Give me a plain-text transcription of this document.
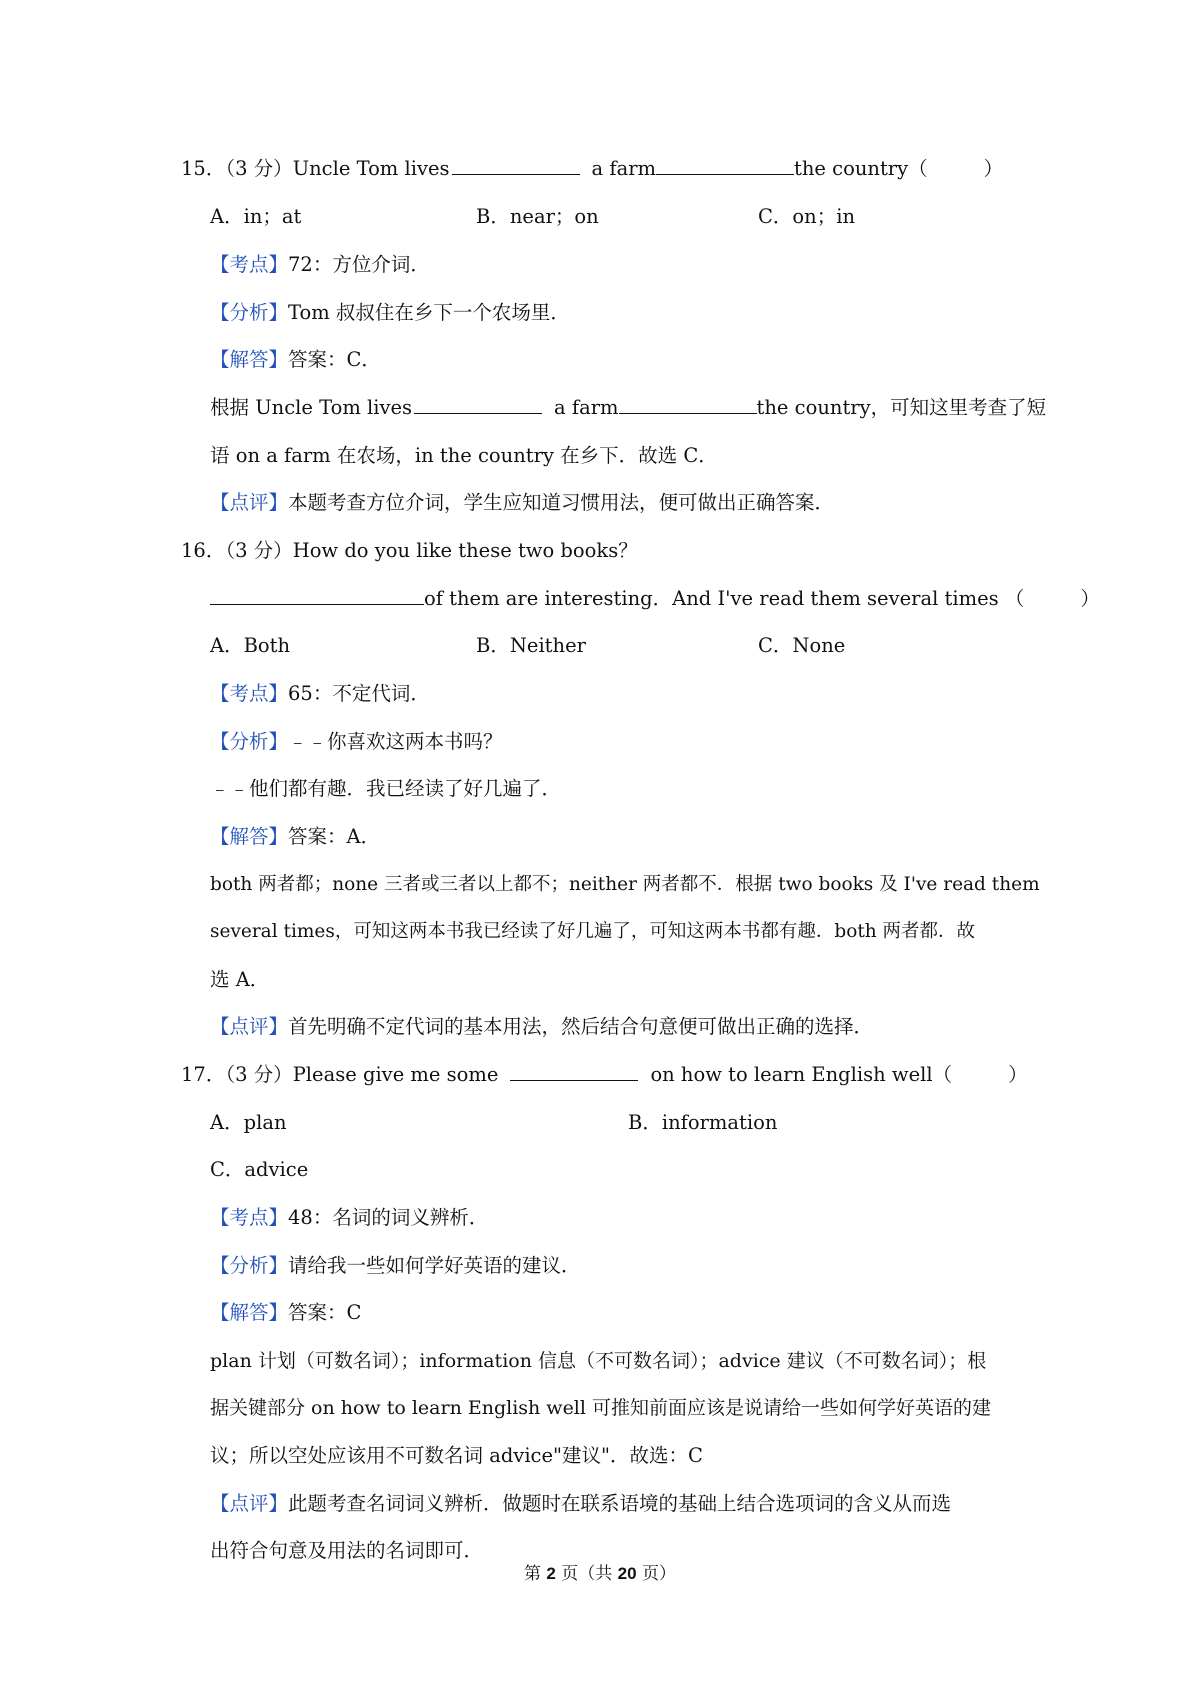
15．（3 分）Uncle Tom lives	a farm	the country（	）
A．in；at	B．near；on	C．on；in
【考点】72：方位介词．
【分析】Tom 叔叔住在乡下一个农场里．
【解答】答案：C．
根据 Uncle Tom lives	a farm	the country，可知这里考查了短
语 on a farm 在农场，in the country 在乡下．故选 C．
【点评】本题考查方位介词，学生应知道习惯用法，便可做出正确答案．
16．（3 分）How do you like these two books？
of them are interesting．And I've read them several times （	）
A．Both	B．Neither	C．None
【考点】65：不定代词．
【分析】﹣﹣你喜欢这两本书吗？
﹣﹣他们都有趣．我已经读了好几遍了．
【解答】答案：A．
both 两者都；none 三者或三者以上都不；neither 两者都不．根据 two books 及 I've read them
several times，可知这两本书我已经读了好几遍了，可知这两本书都有趣．both 两者都．故
选 A．
【点评】首先明确不定代词的基本用法，然后结合句意便可做出正确的选择．
17．（3 分）Please give me some	on how to learn English well（	）
A．plan	B．information
C．advice
【考点】48：名词的词义辨析．
【分析】请给我一些如何学好英语的建议．
【解答】答案：C
plan 计划（可数名词）；information 信息（不可数名词）；advice 建议（不可数名词）；根
据关键部分 on how to learn English well 可推知前面应该是说请给一些如何学好英语的建
议；所以空处应该用不可数名词 advice"建议"．故选：C
【点评】此题考查名词词义辨析．做题时在联系语境的基础上结合选项词的含义从而选
出符合句意及用法的名词即可．
第 2 页（共 20 页）
